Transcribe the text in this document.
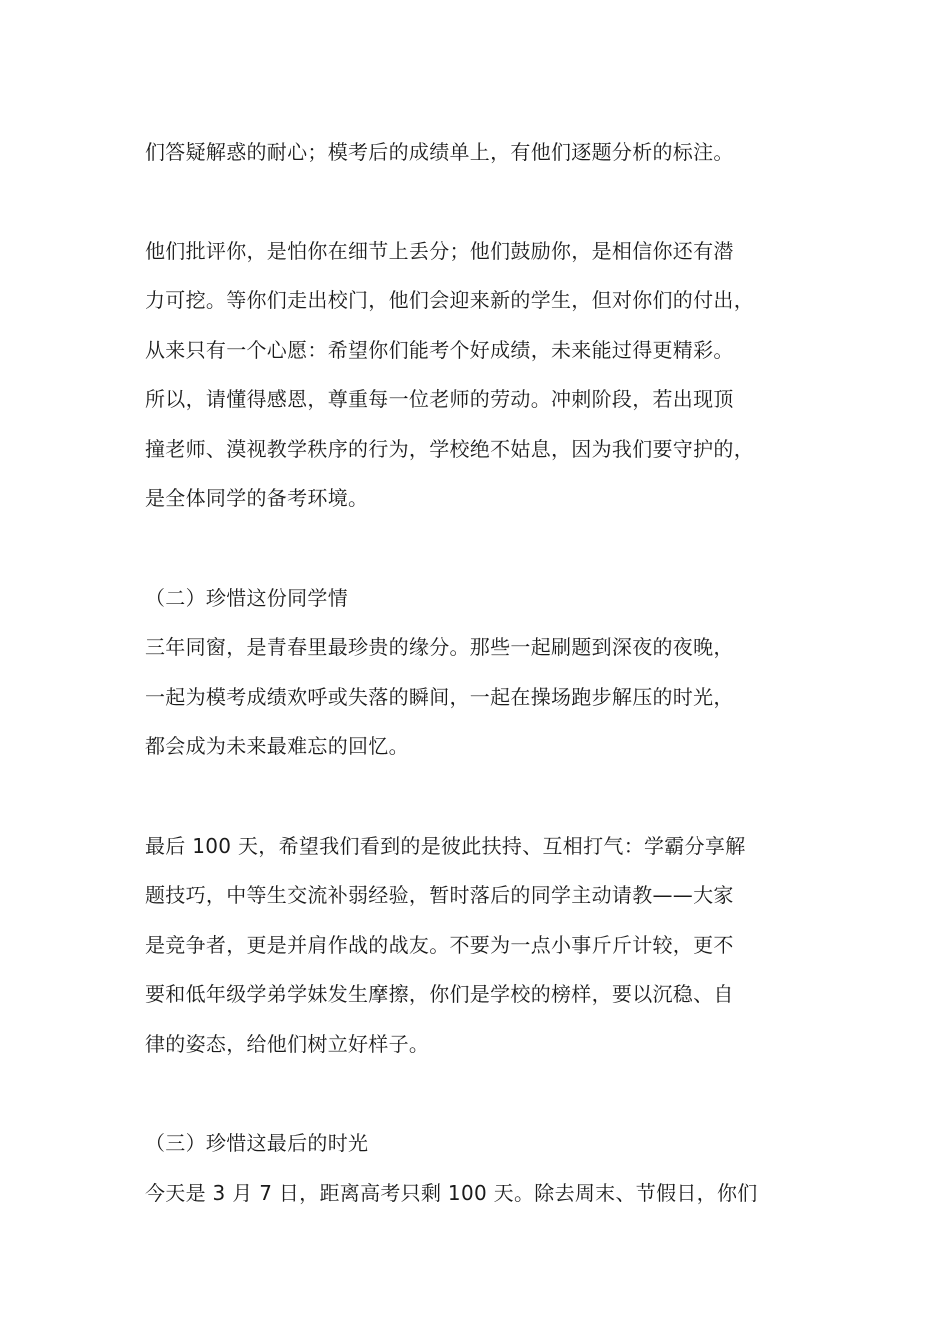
们答疑解惑的耐心；模考后的成绩单上，有他们逐题分析的标注。
他们批评你，是怕你在细节上丢分；他们鼓励你，是相信你还有潜
力可挖。等你们走出校门，他们会迎来新的学生，但对你们的付出，
从来只有一个心愿：希望你们能考个好成绩，未来能过得更精彩。
所以，请懂得感恩，尊重每一位老师的劳动。冲刺阶段，若出现顶
撞老师、漠视教学秩序的行为，学校绝不姑息，因为我们要守护的，
是全体同学的备考环境。
（二）珍惜这份同学情
三年同窗，是青春里最珍贵的缘分。那些一起刷题到深夜的夜晚，
一起为模考成绩欢呼或失落的瞬间，一起在操场跑步解压的时光，
都会成为未来最难忘的回忆。
最后 100 天，希望我们看到的是彼此扶持、互相打气：学霸分享解
题技巧，中等生交流补弱经验，暂时落后的同学主动请教——大家
是竞争者，更是并肩作战的战友。不要为一点小事斤斤计较，更不
要和低年级学弟学妹发生摩擦，你们是学校的榜样，要以沉稳、自
律的姿态，给他们树立好样子。
（三）珍惜这最后的时光
今天是 3 月 7 日，距离高考只剩 100 天。除去周末、节假日，你们
